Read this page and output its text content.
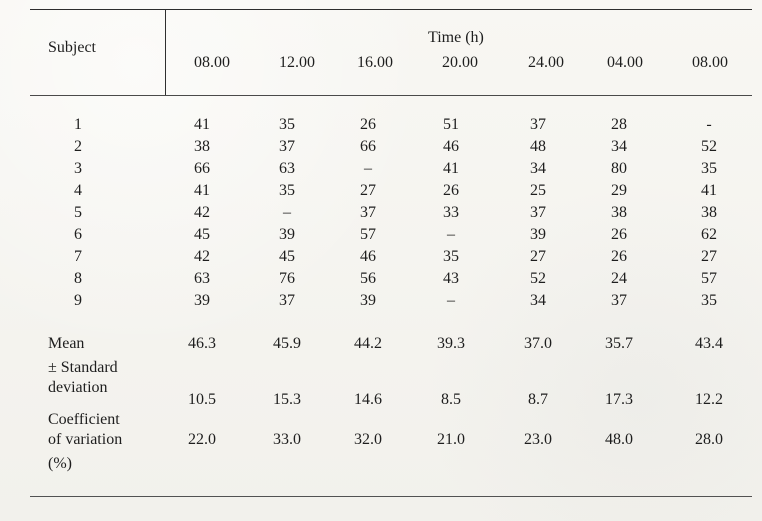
Subject
Time (h)
08.00	12.00	16.00	20.00	24.00	04.00	08.00
1	41	35	26	51	37	28	-
2	38	37	66	46	48	34	52
3	66	63	–	41	34	80	35
4	41	35	27	26	25	29	41
5	42	–	37	33	37	38	38
6	45	39	57	–	39	26	62
7	42	45	46	35	27	26	27
8	63	76	56	43	52	24	57
9	39	37	39	–	34	37	35
Mean	46.3	45.9	44.2	39.3	37.0	35.7	43.4
± Standard
deviation
10.5	15.3	14.6	8.5	8.7	17.3	12.2
Coefficient
of variation
(%)
22.0	33.0	32.0	21.0	23.0	48.0	28.0
